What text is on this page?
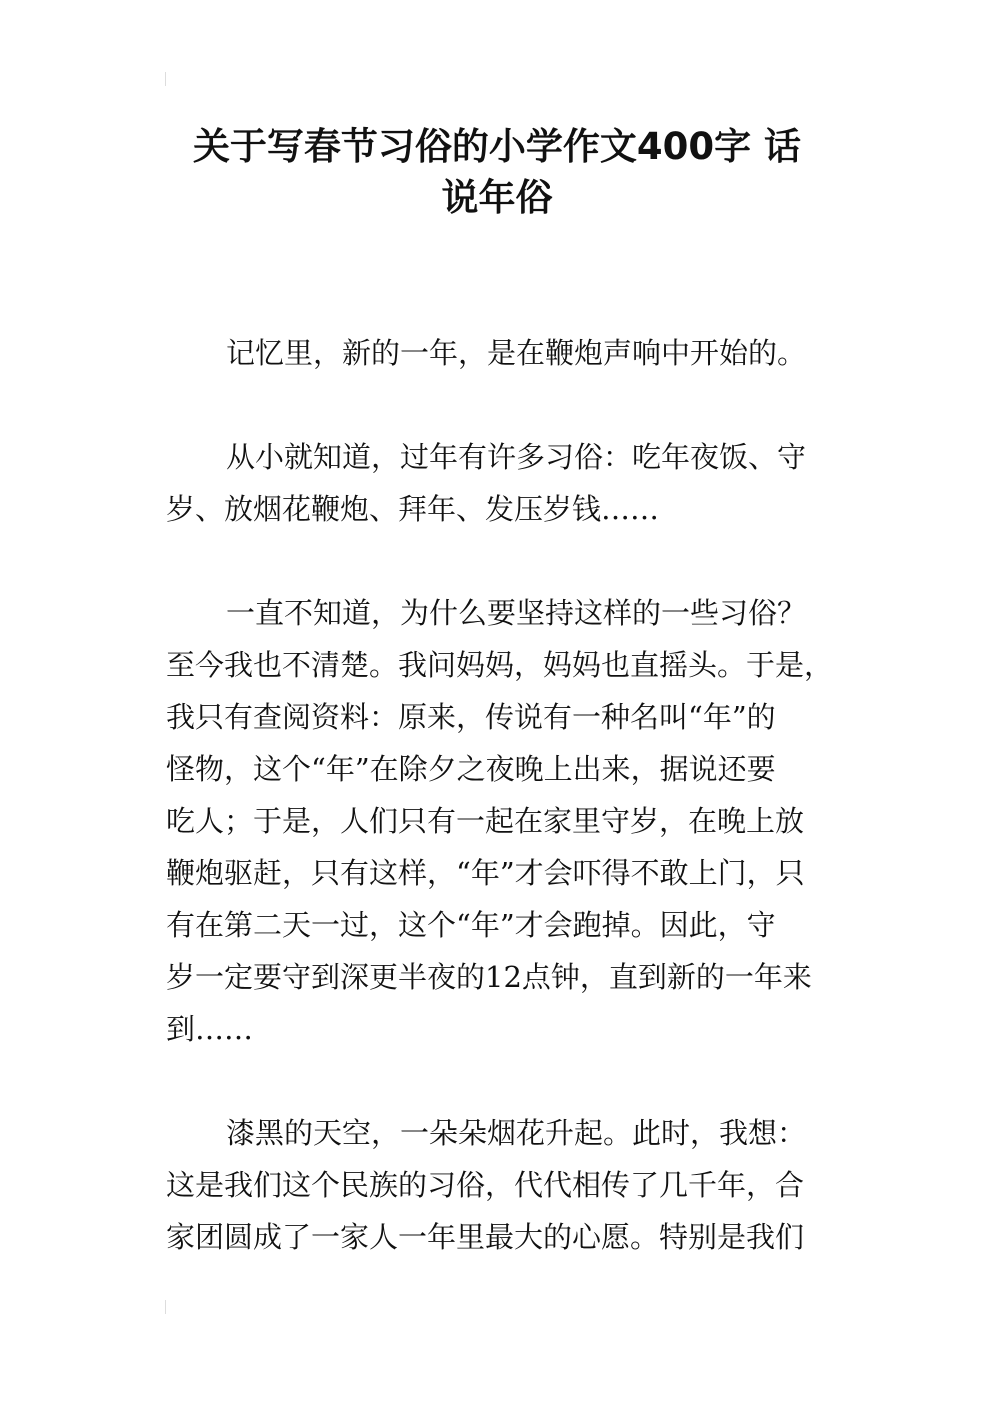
关于写春节习俗的小学作文400字 话
说年俗
记忆里，新的一年，是在鞭炮声响中开始的。
从小就知道，过年有许多习俗：吃年夜饭、守
岁、放烟花鞭炮、拜年、发压岁钱……
一直不知道，为什么要坚持这样的一些习俗？
至今我也不清楚。我问妈妈，妈妈也直摇头。于是，
我只有查阅资料：原来，传说有一种名叫“年”的
怪物，这个“年”在除夕之夜晚上出来，据说还要
吃人；于是，人们只有一起在家里守岁，在晚上放
鞭炮驱赶，只有这样，“年”才会吓得不敢上门，只
有在第二天一过，这个“年”才会跑掉。因此，守
岁一定要守到深更半夜的12点钟，直到新的一年来
到……
漆黑的天空，一朵朵烟花升起。此时，我想：
这是我们这个民族的习俗，代代相传了几千年，合
家团圆成了一家人一年里最大的心愿。特别是我们
